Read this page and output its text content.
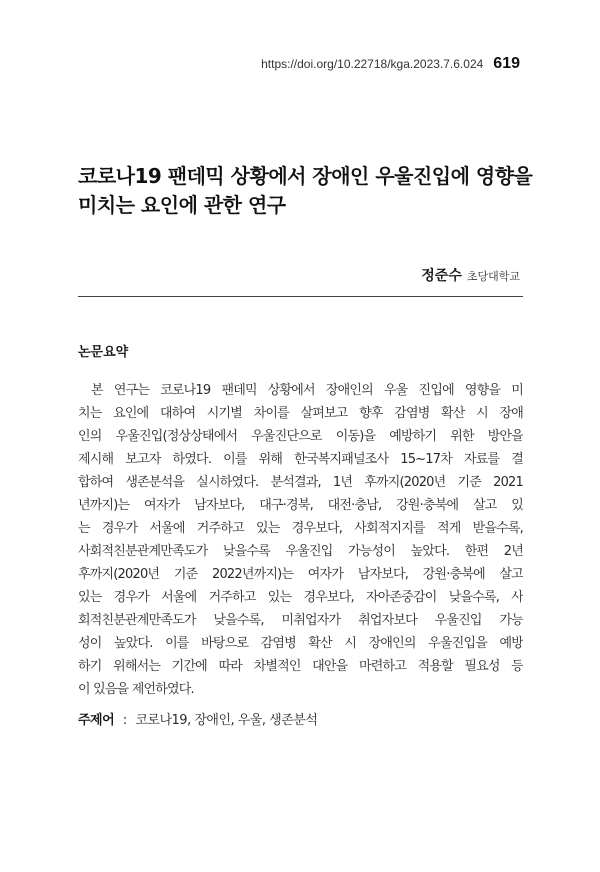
https://doi.org/10.22718/kga.2023.7.6.024 619
코로나19 팬데믹 상황에서 장애인 우울진입에 영향을
미치는 요인에 관한 연구
정준수 초당대학교
논문요약
본 연구는 코로나19 팬데믹 상황에서 장애인의 우울 진입에 영향을 미
치는 요인에 대하여 시기별 차이를 살펴보고 향후 감염병 확산 시 장애
인의 우울진입(정상상태에서 우울진단으로 이동)을 예방하기 위한 방안을
제시해 보고자 하였다. 이를 위해 한국복지패널조사 15~17차 자료를 결
합하여 생존분석을 실시하였다. 분석결과, 1년 후까지(2020년 기준 2021
년까지)는 여자가 남자보다, 대구·경북, 대전·충남, 강원·충북에 살고 있
는 경우가 서울에 거주하고 있는 경우보다, 사회적지지를 적게 받을수록,
사회적친분관계만족도가 낮을수록 우울진입 가능성이 높았다. 한편 2년
후까지(2020년 기준 2022년까지)는 여자가 남자보다, 강원·충북에 살고
있는 경우가 서울에 거주하고 있는 경우보다, 자아존중감이 낮을수록, 사
회적친분관계만족도가 낮을수록, 미취업자가 취업자보다 우울진입 가능
성이 높았다. 이를 바탕으로 감염병 확산 시 장애인의 우울진입을 예방
하기 위해서는 기간에 따라 차별적인 대안을 마련하고 적용할 필요성 등
이 있음을 제언하였다.
주제어 : 코로나19, 장애인, 우울, 생존분석
